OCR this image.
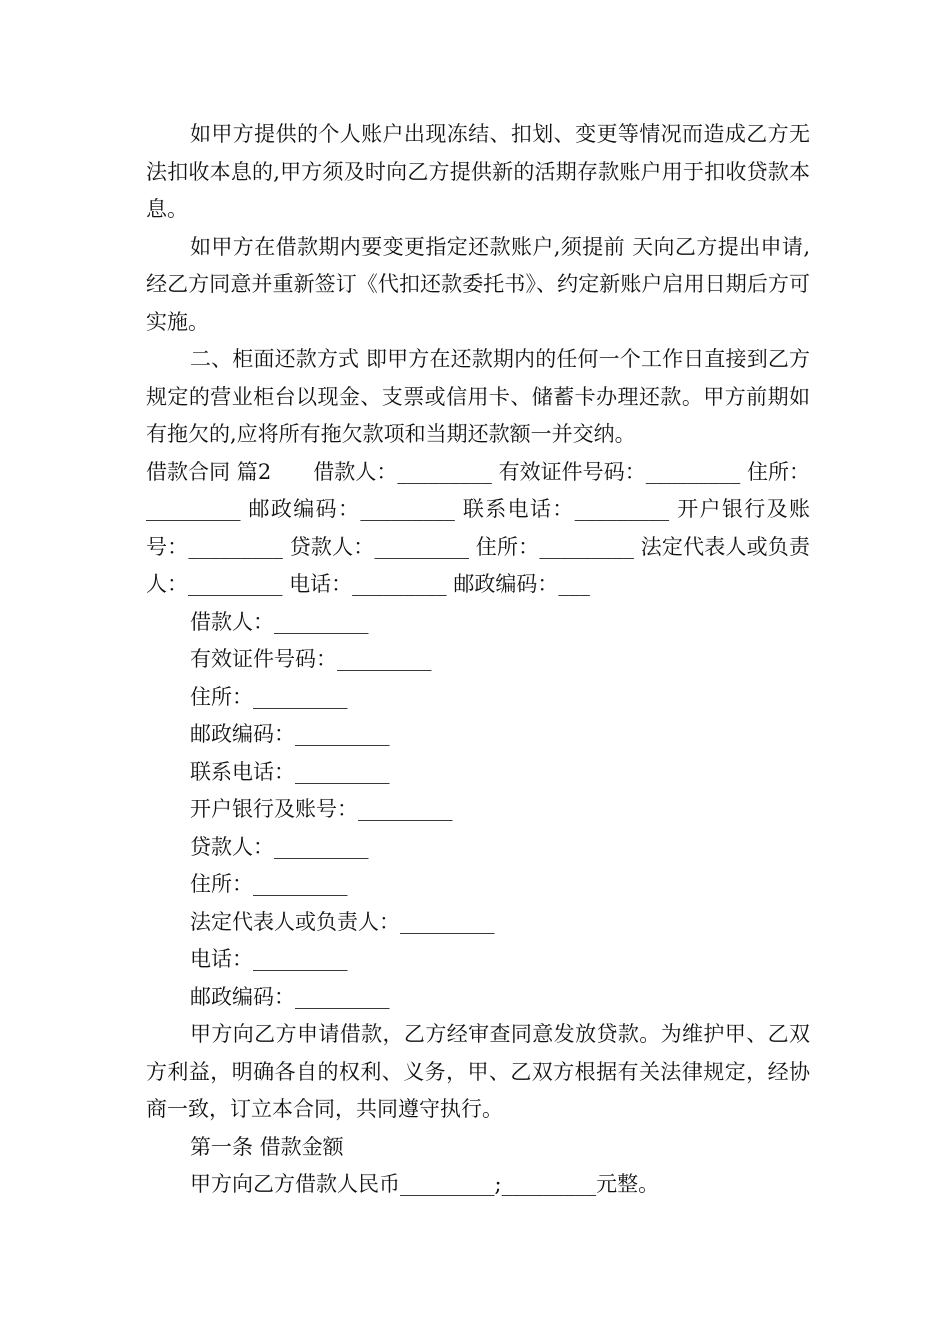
如甲方提供的个人账户出现冻结、扣划、变更等情况而造成乙方无法扣收本息的,甲方须及时向乙方提供新的活期存款账户用于扣收贷款本息。

如甲方在借款期内要变更指定还款账户,须提前 天向乙方提出申请,经乙方同意并重新签订《代扣还款委托书》、约定新账户启用日期后方可实施。

二、柜面还款方式 即甲方在还款期内的任何一个工作日直接到乙方规定的营业柜台以现金、支票或信用卡、储蓄卡办理还款。甲方前期如有拖欠的,应将所有拖欠款项和当期还款额一并交纳。

借款合同 篇2　　借款人：_________ 有效证件号码：_________ 住所：_________ 邮政编码：_________ 联系电话：_________ 开户银行及账号：_________ 贷款人：_________ 住所：_________ 法定代表人或负责人：_________ 电话：_________ 邮政编码：___

借款人：_________

有效证件号码：_________

住所：_________

邮政编码：_________

联系电话：_________

开户银行及账号：_________

贷款人：_________

住所：_________

法定代表人或负责人：_________

电话：_________

邮政编码：_________

甲方向乙方申请借款，乙方经审查同意发放贷款。为维护甲、乙双方利益，明确各自的权利、义务，甲、乙双方根据有关法律规定，经协商一致，订立本合同，共同遵守执行。

第一条 借款金额

甲方向乙方借款人民币_________;_________元整。
